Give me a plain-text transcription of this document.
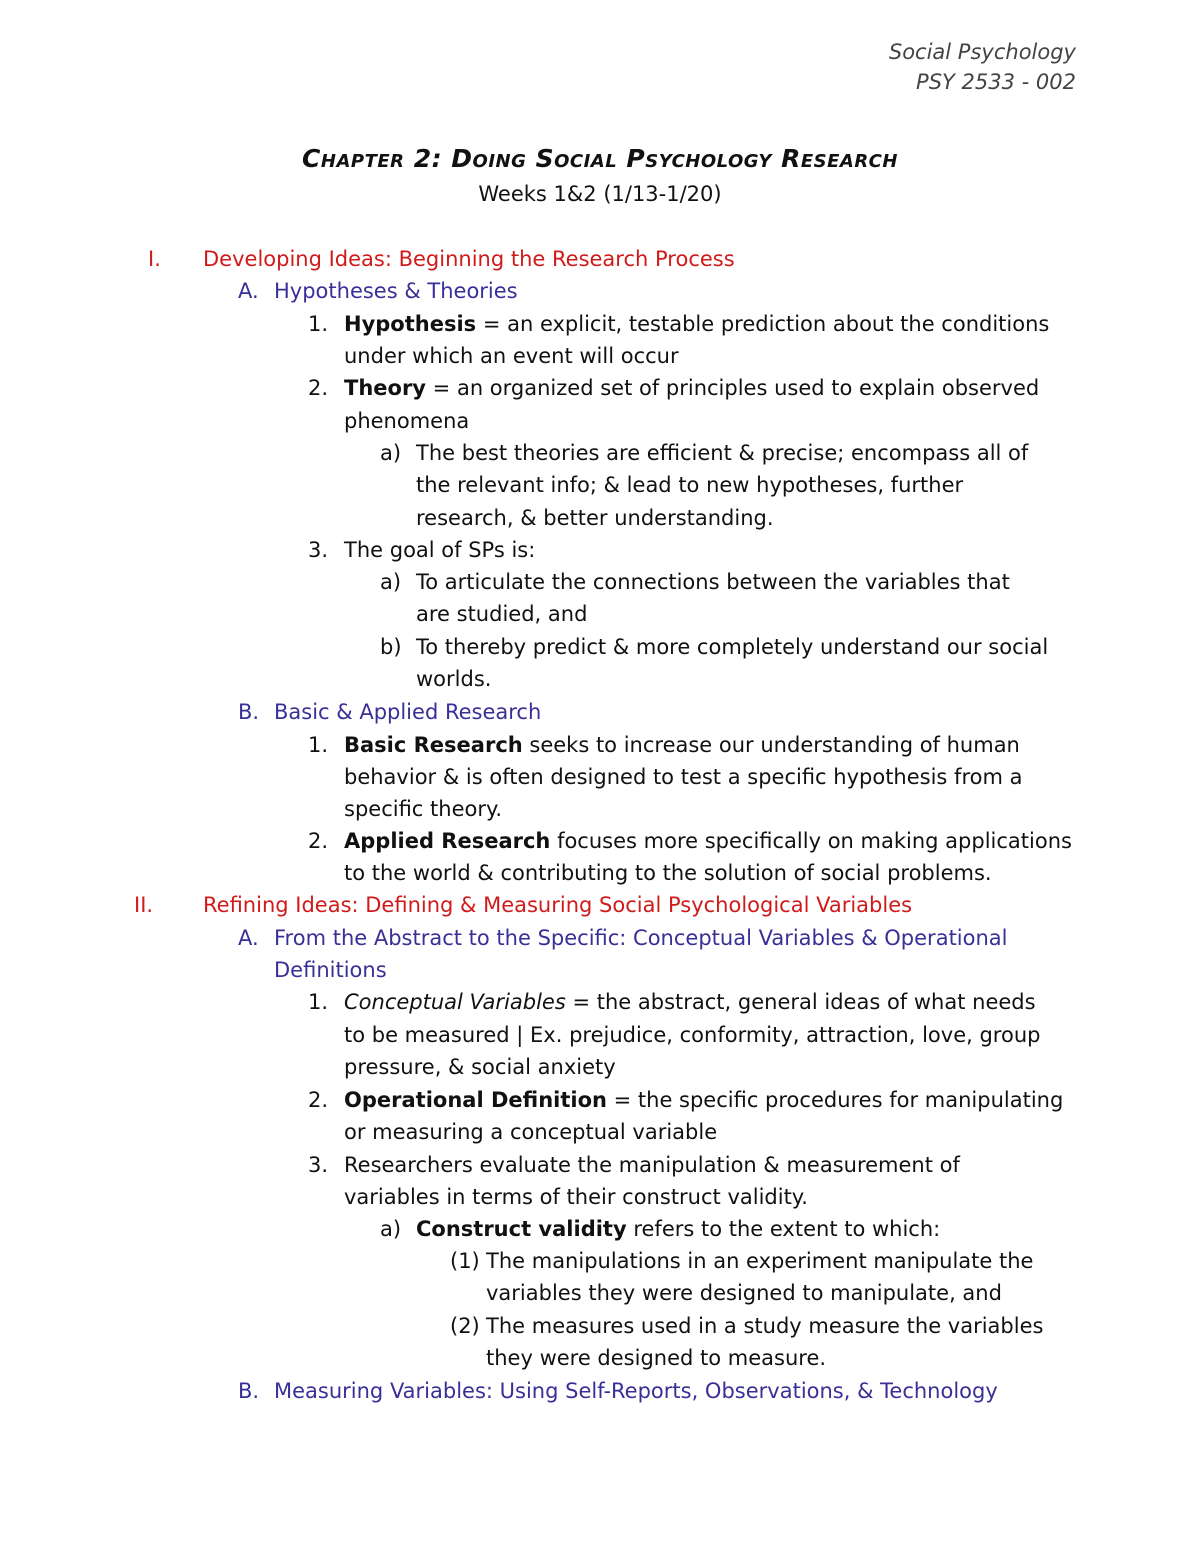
Social Psychology
PSY 2533 - 002
Chapter 2: Doing Social Psychology Research
Weeks 1&2 (1/13-1/20)
I. Developing Ideas: Beginning the Research Process
A. Hypotheses & Theories
1. Hypothesis = an explicit, testable prediction about the conditions
under which an event will occur
2. Theory = an organized set of principles used to explain observed
phenomena
a) The best theories are efficient & precise; encompass all of
the relevant info; & lead to new hypotheses, further
research, & better understanding.
3. The goal of SPs is:
a) To articulate the connections between the variables that
are studied, and
b) To thereby predict & more completely understand our social
worlds.
B. Basic & Applied Research
1. Basic Research seeks to increase our understanding of human
behavior & is often designed to test a specific hypothesis from a
specific theory.
2. Applied Research focuses more specifically on making applications
to the world & contributing to the solution of social problems.
II. Refining Ideas: Defining & Measuring Social Psychological Variables
A. From the Abstract to the Specific: Conceptual Variables & Operational
Definitions
1. Conceptual Variables = the abstract, general ideas of what needs
to be measured | Ex. prejudice, conformity, attraction, love, group
pressure, & social anxiety
2. Operational Definition = the specific procedures for manipulating
or measuring a conceptual variable
3. Researchers evaluate the manipulation & measurement of
variables in terms of their construct validity.
a) Construct validity refers to the extent to which:
(1) The manipulations in an experiment manipulate the
variables they were designed to manipulate, and
(2) The measures used in a study measure the variables
they were designed to measure.
B. Measuring Variables: Using Self-Reports, Observations, & Technology
